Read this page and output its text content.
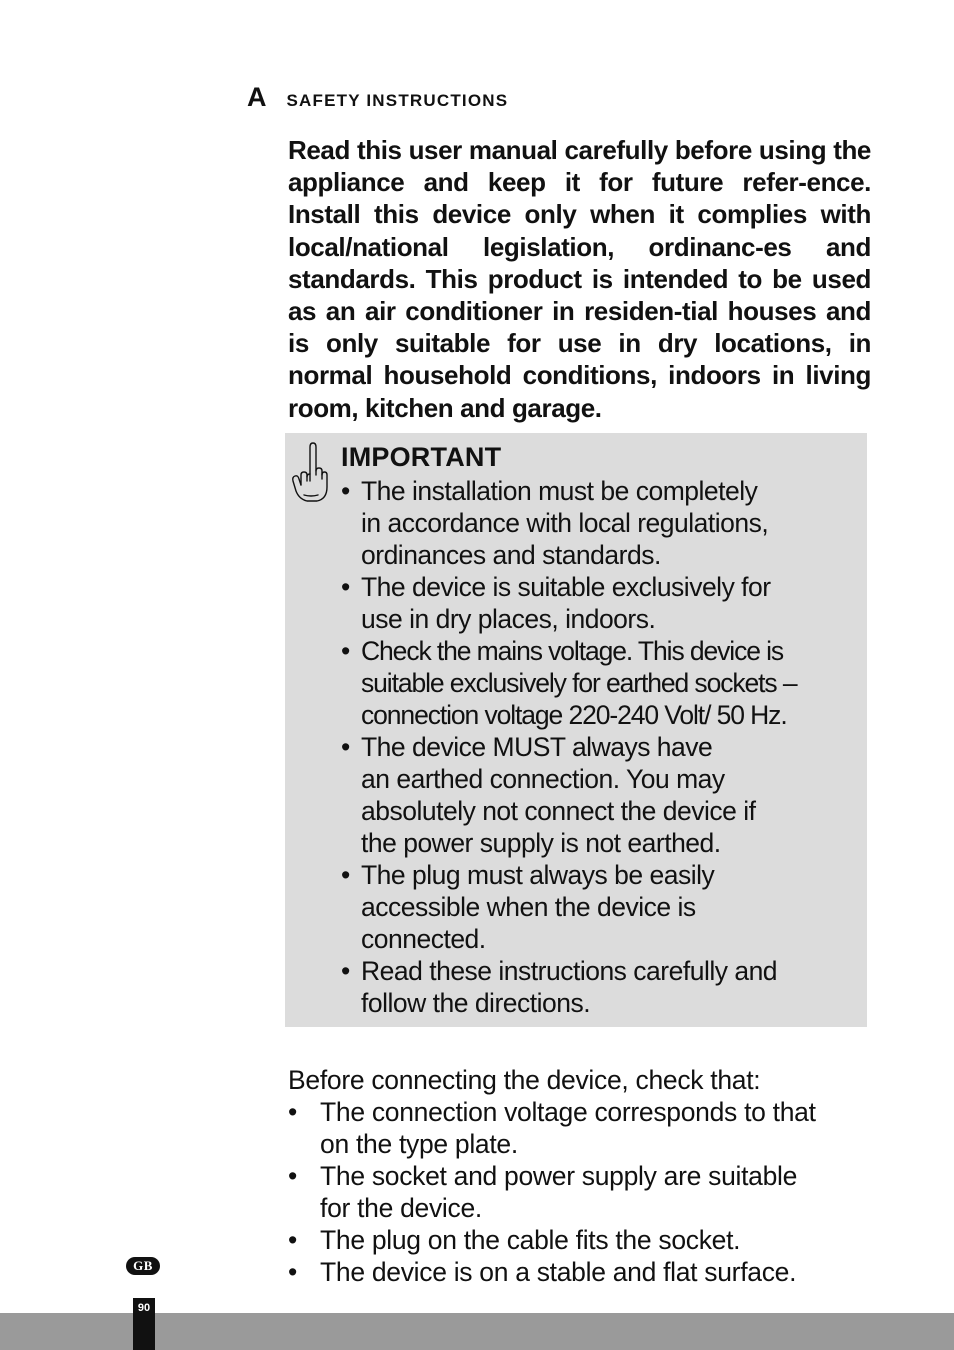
A SAFETY INSTRUCTIONS

Read this user manual carefully before using the appliance and keep it for future refer-ence. Install this device only when it complies with local/national legislation, ordinanc-es and standards. This product is intended to be used as an air conditioner in residen-tial houses and is only suitable for use in dry locations, in normal household conditions, indoors in living room, kitchen and garage.

IMPORTANT
• The installation must be completely
in accordance with local regulations,
ordinances and standards.
• The device is suitable exclusively for
use in dry places, indoors.
• Check the mains voltage. This device is
suitable exclusively for earthed sockets –
connection voltage 220-240 Volt/ 50 Hz.
• The device MUST always have
an earthed connection. You may
absolutely not connect the device if
the power supply is not earthed.
• The plug must always be easily
accessible when the device is
connected.
• Read these instructions carefully and
follow the directions.

Before connecting the device, check that:

• The connection voltage corresponds to that
on the type plate.
• The socket and power supply are suitable
for the device.
• The plug on the cable fits the socket.
• The device is on a stable and flat surface.
GB
90
